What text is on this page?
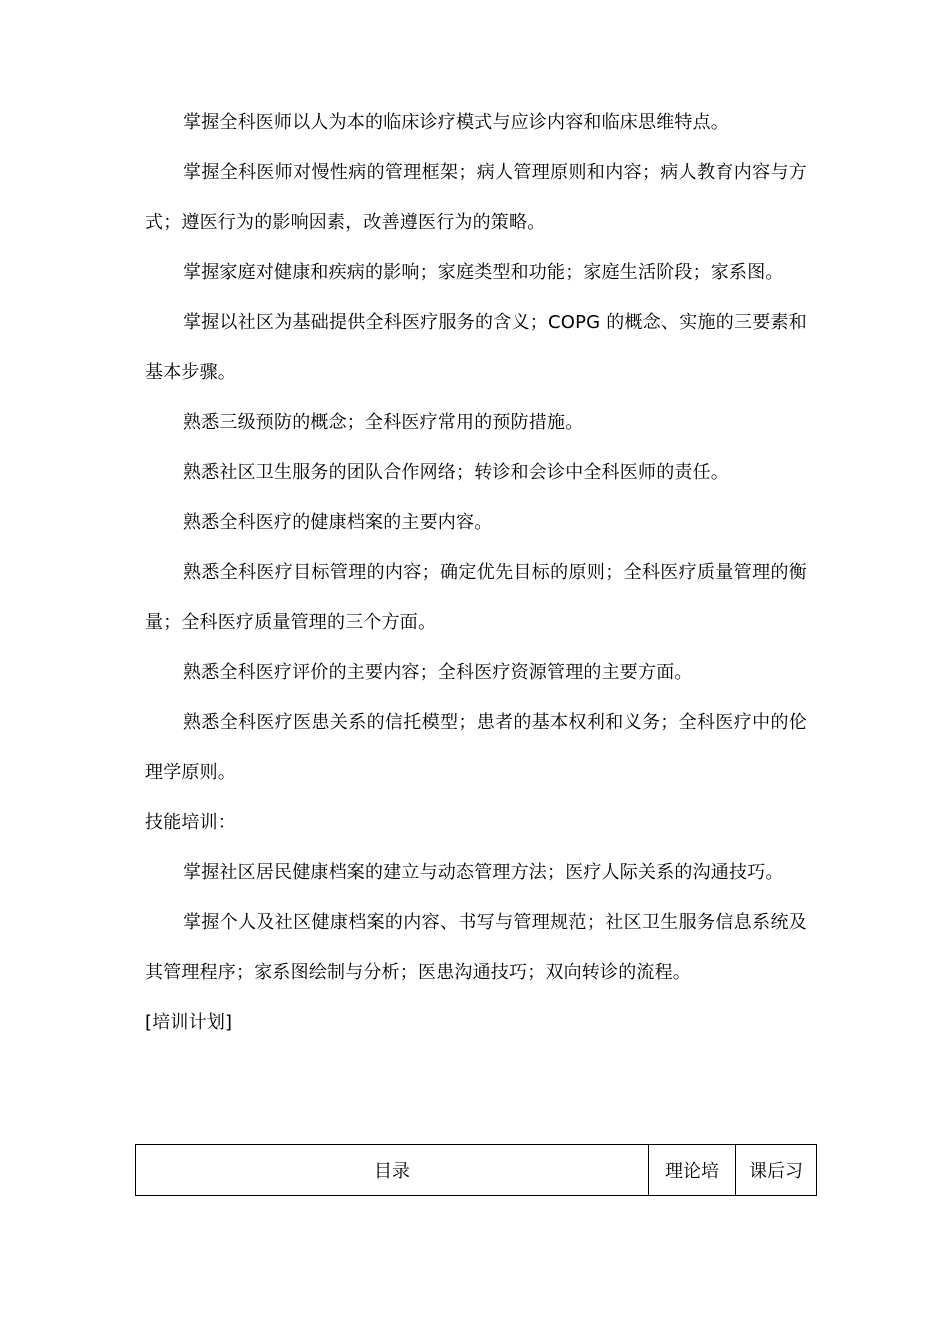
掌握全科医师以人为本的临床诊疗模式与应诊内容和临床思维特点。

掌握全科医师对慢性病的管理框架；病人管理原则和内容；病人教育内容与方式；遵医行为的影响因素，改善遵医行为的策略。

掌握家庭对健康和疾病的影响；家庭类型和功能；家庭生活阶段；家系图。

掌握以社区为基础提供全科医疗服务的含义；COPG 的概念、实施的三要素和基本步骤。

熟悉三级预防的概念；全科医疗常用的预防措施。

熟悉社区卫生服务的团队合作网络；转诊和会诊中全科医师的责任。

熟悉全科医疗的健康档案的主要内容。

熟悉全科医疗目标管理的内容；确定优先目标的原则；全科医疗质量管理的衡量；全科医疗质量管理的三个方面。

熟悉全科医疗评价的主要内容；全科医疗资源管理的主要方面。

熟悉全科医疗医患关系的信托模型；患者的基本权利和义务；全科医疗中的伦理学原则。

技能培训：

掌握社区居民健康档案的建立与动态管理方法；医疗人际关系的沟通技巧。

掌握个人及社区健康档案的内容、书写与管理规范；社区卫生服务信息系统及其管理程序；家系图绘制与分析；医患沟通技巧；双向转诊的流程。

[培训计划]

目录	理论培	课后习
